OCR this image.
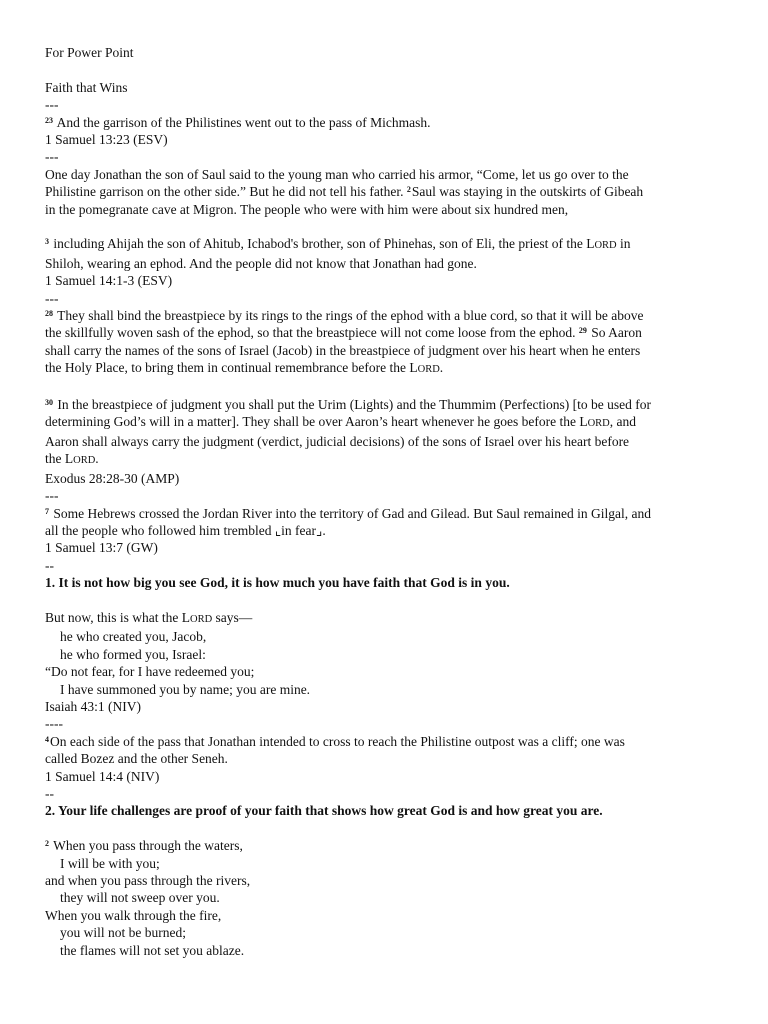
For Power Point
Faith that Wins
---
$^{23}$ And the garrison of the Philistines went out to the pass of Michmash.
1 Samuel 13:23 (ESV)
---
One day Jonathan the son of Saul said to the young man who carried his armor, “Come, let us go over to the
Philistine garrison on the other side.” But he did not tell his father. $^2$Saul was staying in the outskirts of Gibeah
in the pomegranate cave at Migron. The people who were with him were about six hundred men,
$^3$ including Ahijah the son of Ahitub, Ichabod's brother, son of Phinehas, son of Eli, the priest of the LORD in
Shiloh, wearing an ephod. And the people did not know that Jonathan had gone.
1 Samuel 14:1-3 (ESV)
---
$^{28}$ They shall bind the breastpiece by its rings to the rings of the ephod with a blue cord, so that it will be above
the skillfully woven sash of the ephod, so that the breastpiece will not come loose from the ephod. $^{29}$ So Aaron
shall carry the names of the sons of Israel (Jacob) in the breastpiece of judgment over his heart when he enters
the Holy Place, to bring them in continual remembrance before the LORD.
$^{30}$ In the breastpiece of judgment you shall put the Urim (Lights) and the Thummim (Perfections) [to be used for
determining God’s will in a matter]. They shall be over Aaron’s heart whenever he goes before the LORD, and
Aaron shall always carry the judgment (verdict, judicial decisions) of the sons of Israel over his heart before
the LORD.
Exodus 28:28-30 (AMP)
---
$^7$ Some Hebrews crossed the Jordan River into the territory of Gad and Gilead. But Saul remained in Gilgal, and
all the people who followed him trembled ⌞in fear⌟.
1 Samuel 13:7 (GW)
--
1. It is not how big you see God, it is how much you have faith that God is in you.
But now, this is what the LORD says—
he who created you, Jacob,
he who formed you, Israel:
“Do not fear, for I have redeemed you;
I have summoned you by name; you are mine.
Isaiah 43:1 (NIV)
----
$^4$On each side of the pass that Jonathan intended to cross to reach the Philistine outpost was a cliff; one was
called Bozez and the other Seneh.
1 Samuel 14:4 (NIV)
--
2. Your life challenges are proof of your faith that shows how great God is and how great you are.
$^2$ When you pass through the waters,
I will be with you;
and when you pass through the rivers,
they will not sweep over you.
When you walk through the fire,
you will not be burned;
the flames will not set you ablaze.
